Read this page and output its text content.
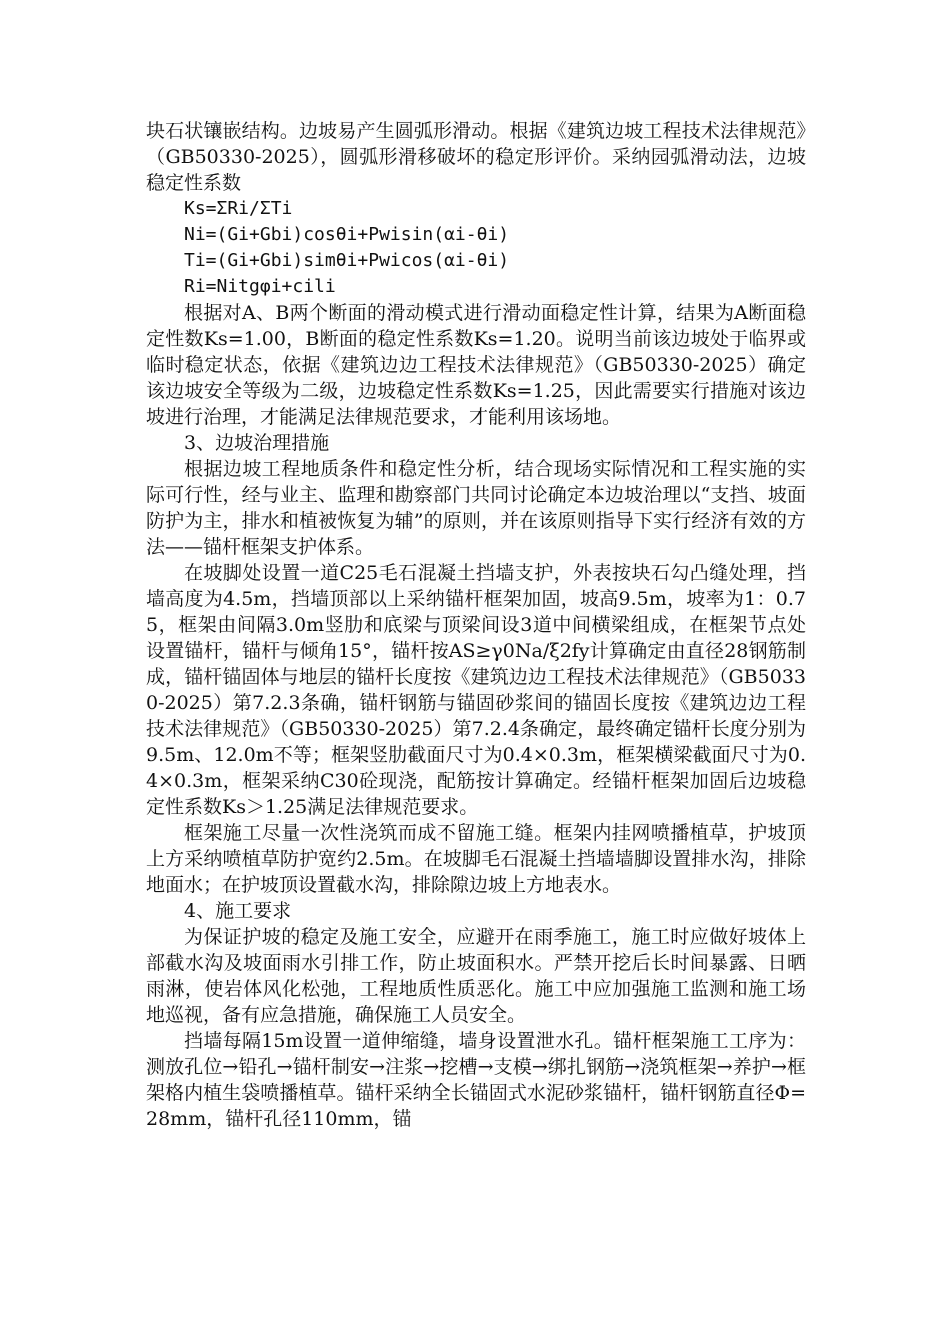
块石状镶嵌结构。边坡易产生圆弧形滑动。根据《建筑边坡工程技术法律规范》（GB50330-2025），圆弧形滑移破坏的稳定形评价。采纳园弧滑动法，边坡稳定性系数

Ks=ΣRi/ΣTi

Ni=(Gi+Gbi)cosθi+Pwisin(αi-θi)

Ti=(Gi+Gbi)simθi+Pwicos(αi-θi)

Ri=Nitgφi+cili

根据对A、B两个断面的滑动模式进行滑动面稳定性计算，结果为A断面稳定性数Ks=1.00，B断面的稳定性系数Ks=1.20。说明当前该边坡处于临界或临时稳定状态，依据《建筑边边工程技术法律规范》（GB50330-2025）确定该边坡安全等级为二级，边坡稳定性系数Ks=1.25，因此需要实行措施对该边坡进行治理，才能满足法律规范要求，才能利用该场地。

3、边坡治理措施

根据边坡工程地质条件和稳定性分析，结合现场实际情况和工程实施的实际可行性，经与业主、监理和勘察部门共同讨论确定本边坡治理以“支挡、坡面防护为主，排水和植被恢复为辅”的原则，并在该原则指导下实行经济有效的方法——锚杆框架支护体系。

在坡脚处设置一道C25毛石混凝土挡墙支护，外表按块石勾凸缝处理，挡墙高度为4.5m，挡墙顶部以上采纳锚杆框架加固，坡高9.5m，坡率为1：0.75，框架由间隔3.0m竖肋和底梁与顶梁间设3道中间横梁组成，在框架节点处设置锚杆，锚杆与倾角15°，锚杆按AS≥γ0Na/ξ2fy计算确定由直径28钢筋制成，锚杆锚固体与地层的锚杆长度按《建筑边边工程技术法律规范》（GB50330-2025）第7.2.3条确，锚杆钢筋与锚固砂浆间的锚固长度按《建筑边边工程技术法律规范》（GB50330-2025）第7.2.4条确定，最终确定锚杆长度分别为9.5m、12.0m不等；框架竖肋截面尺寸为0.4×0.3m，框架横梁截面尺寸为0.4×0.3m，框架采纳C30砼现浇，配筋按计算确定。经锚杆框架加固后边坡稳定性系数Ks＞1.25满足法律规范要求。

框架施工尽量一次性浇筑而成不留施工缝。框架内挂网喷播植草，护坡顶上方采纳喷植草防护宽约2.5m。在坡脚毛石混凝土挡墙墙脚设置排水沟，排除地面水；在护坡顶设置截水沟，排除隙边坡上方地表水。

4、施工要求

为保证护坡的稳定及施工安全，应避开在雨季施工，施工时应做好坡体上部截水沟及坡面雨水引排工作，防止坡面积水。严禁开挖后长时间暴露、日晒雨淋，使岩体风化松弛，工程地质性质恶化。施工中应加强施工监测和施工场地巡视，备有应急措施，确保施工人员安全。

挡墙每隔15m设置一道伸缩缝，墙身设置泄水孔。锚杆框架施工工序为：测放孔位→铅孔→锚杆制安→注浆→挖槽→支模→绑扎钢筋→浇筑框架→养护→框架格内植生袋喷播植草。锚杆采纳全长锚固式水泥砂浆锚杆，锚杆钢筋直径Φ=28mm，锚杆孔径110mm，锚
